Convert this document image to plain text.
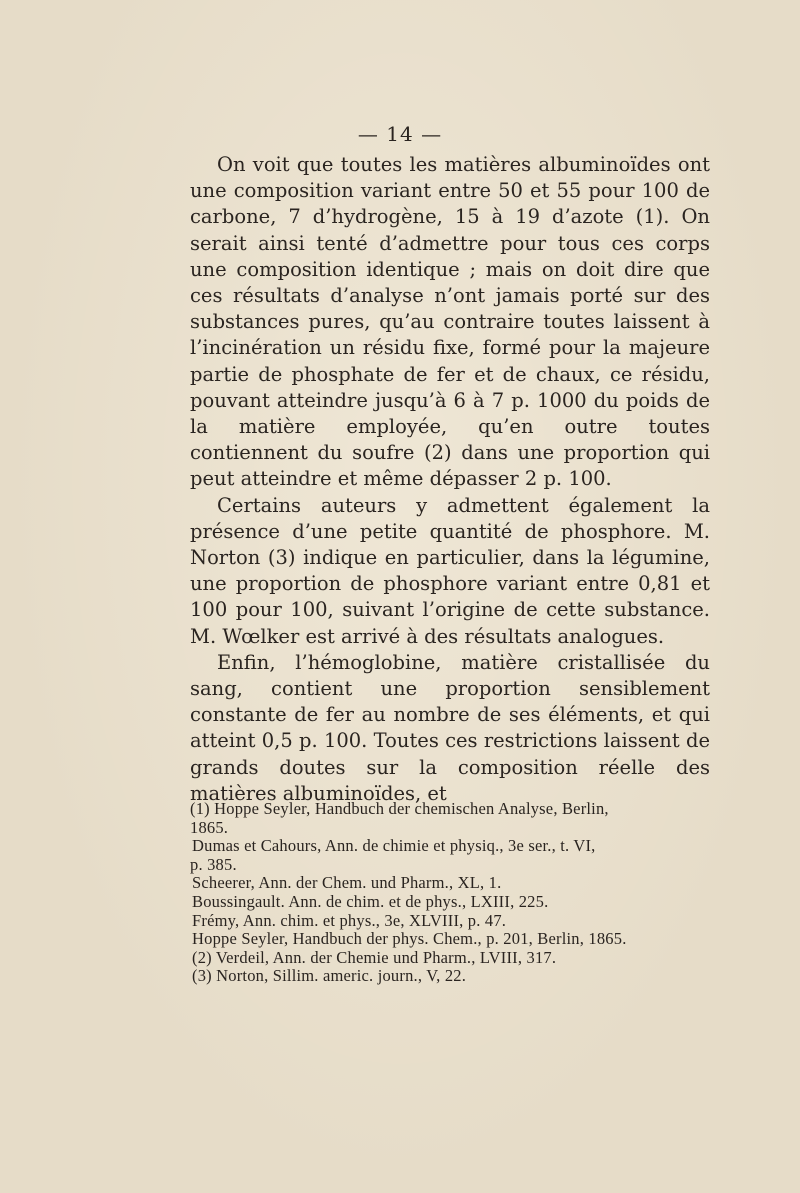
— 14 —

On voit que toutes les matières albuminoïdes ont une composition variant entre 50 et 55 pour 100 de carbone, 7 d’hydrogène, 15 à 19 d’azote (1). On serait ainsi tenté d’admettre pour tous ces corps une composition identique ; mais on doit dire que ces résultats d’analyse n’ont jamais porté sur des substances pures, qu’au contraire toutes laissent à l’incinération un résidu fixe, formé pour la majeure partie de phosphate de fer et de chaux, ce résidu, pouvant atteindre jusqu’à 6 à 7 p. 1000 du poids de la matière employée, qu’en outre toutes contiennent du soufre (2) dans une proportion qui peut atteindre et même dépasser 2 p. 100.

Certains auteurs y admettent également la présence d’une petite quantité de phosphore. M. Norton (3) indique en particulier, dans la légumine, une proportion de phosphore variant entre 0,81 et 100 pour 100, suivant l’origine de cette substance. M. Wœlker est arrivé à des résultats analogues.

Enfin, l’hémoglobine, matière cristallisée du sang, contient une proportion sensiblement constante de fer au nombre de ses éléments, et qui atteint 0,5 p. 100. Toutes ces restrictions laissent de grands doutes sur la composition réelle des matières albuminoïdes, et

(1) Hoppe Seyler, Handbuch der chemischen Analyse, Berlin,
1865.
Dumas et Cahours, Ann. de chimie et physiq., 3e ser., t. VI,
p. 385.
Scheerer, Ann. der Chem. und Pharm., XL, 1.
Boussingault. Ann. de chim. et de phys., LXIII, 225.
Frémy, Ann. chim. et phys., 3e, XLVIII, p. 47.
Hoppe Seyler, Handbuch der phys. Chem., p. 201, Berlin, 1865.
(2) Verdeil, Ann. der Chemie und Pharm., LVIII, 317.
(3) Norton, Sillim. americ. journ., V, 22.
